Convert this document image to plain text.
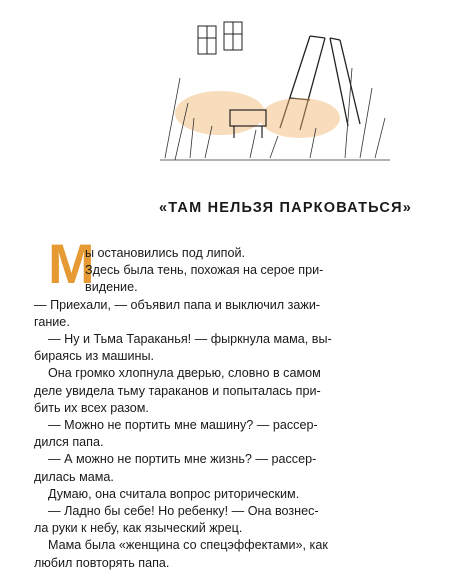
«ТАМ НЕЛЬЗЯ ПАРКОВАТЬСЯ»
М
ы остановились под липой.
Здесь была тень, похожая на серое при-
видение.
— Приехали, — объявил папа и выключил зажи-
гание.
— Ну и Тьма Тараканья! — фыркнула мама, вы-
бираясь из машины.
Она громко хлопнула дверью, словно в самом
деле увидела тьму тараканов и попыталась при-
бить их всех разом.
— Можно не портить мне машину? — рассер-
дился папа.
— А можно не портить мне жизнь? — рассер-
дилась мама.
Думаю, она считала вопрос риторическим.
— Ладно бы себе! Но ребенку! — Она вознес-
ла руки к небу, как языческий жрец.
Мама была «женщина со спецэффектами», как
любил повторять папа.
